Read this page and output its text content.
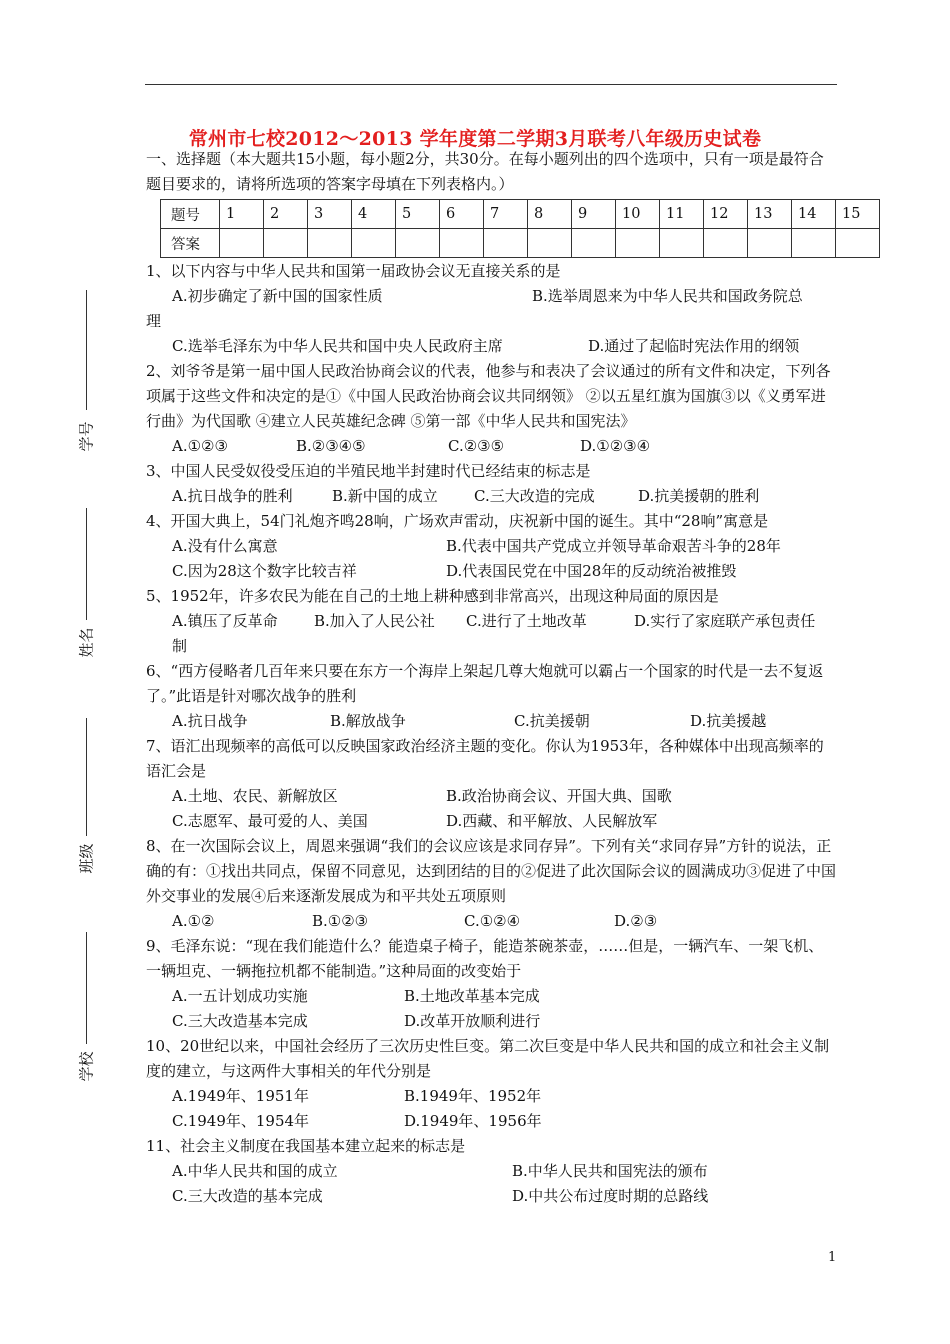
常州市七校2012～2013 学年度第二学期3月联考八年级历史试卷
一、选择题（本大题共15小题，每小题2分，共30分。在每小题列出的四个选项中，只有一项是最符合题目要求的，请将所选项的答案字母填在下列表格内。）
题号	1	2	3	4	5	6	7	8	9	10	11	12	13	14	15
答案															
1、以下内容与中华人民共和国第一届政协会议无直接关系的是
A.初步确定了新中国的国家性质	B.选举周恩来为中华人民共和国政务院总
理
C.选举毛泽东为中华人民共和国中央人民政府主席	D.通过了起临时宪法作用的纲领
2、刘爷爷是第一届中国人民政治协商会议的代表，他参与和表决了会议通过的所有文件和决定，下列各项属于这些文件和决定的是①《中国人民政治协商会议共同纲领》 ②以五星红旗为国旗③以《义勇军进行曲》为代国歌 ④建立人民英雄纪念碑 ⑤第一部《中华人民共和国宪法》
A.①②③	B.②③④⑤	C.②③⑤	D.①②③④
3、中国人民受奴役受压迫的半殖民地半封建时代已经结束的标志是
A.抗日战争的胜利	B.新中国的成立 C.三大改造的完成	D.抗美援朝的胜利
4、开国大典上，54门礼炮齐鸣28响，广场欢声雷动，庆祝新中国的诞生。其中“28响”寓意是
A.没有什么寓意	B.代表中国共产党成立并领导革命艰苦斗争的28年
C.因为28这个数字比较吉祥	D.代表国民党在中国28年的反动统治被推毁
5、1952年，许多农民为能在自己的土地上耕种感到非常高兴，出现这种局面的原因是
A.镇压了反革命 B.加入了人民公社 C.进行了土地改革	D.实行了家庭联产承包责任
制
6、“西方侵略者几百年来只要在东方一个海岸上架起几尊大炮就可以霸占一个国家的时代是一去不复返了。”此语是针对哪次战争的胜利
A.抗日战争	B.解放战争	C.抗美援朝	D.抗美援越
7、语汇出现频率的高低可以反映国家政治经济主题的变化。你认为1953年，各种媒体中出现高频率的语汇会是
A.土地、农民、新解放区	B.政治协商会议、开国大典、国歌
C.志愿军、最可爱的人、美国	D.西藏、和平解放、人民解放军
8、在一次国际会议上，周恩来强调“我们的会议应该是求同存异”。下列有关“求同存异”方针的说法，正确的有：①找出共同点，保留不同意见，达到团结的目的②促进了此次国际会议的圆满成功③促进了中国外交事业的发展④后来逐渐发展成为和平共处五项原则
A.①②	B.①②③	C.①②④	D.②③
9、毛泽东说：“现在我们能造什么？能造桌子椅子，能造茶碗茶壶，……但是，一辆汽车、一架飞机、一辆坦克、一辆拖拉机都不能制造。”这种局面的改变始于
A.一五计划成功实施	B.土地改革基本完成
C.三大改造基本完成	D.改革开放顺利进行
10、20世纪以来，中国社会经历了三次历史性巨变。第二次巨变是中华人民共和国的成立和社会主义制度的建立，与这两件大事相关的年代分别是
A.1949年、1951年	B.1949年、1952年
C.1949年、1954年	D.1949年、1956年
11、社会主义制度在我国基本建立起来的标志是
A.中华人民共和国的成立	B.中华人民共和国宪法的颁布
C.三大改造的基本完成	D.中共公布过度时期的总路线
学号
姓名
班级
学校
1
